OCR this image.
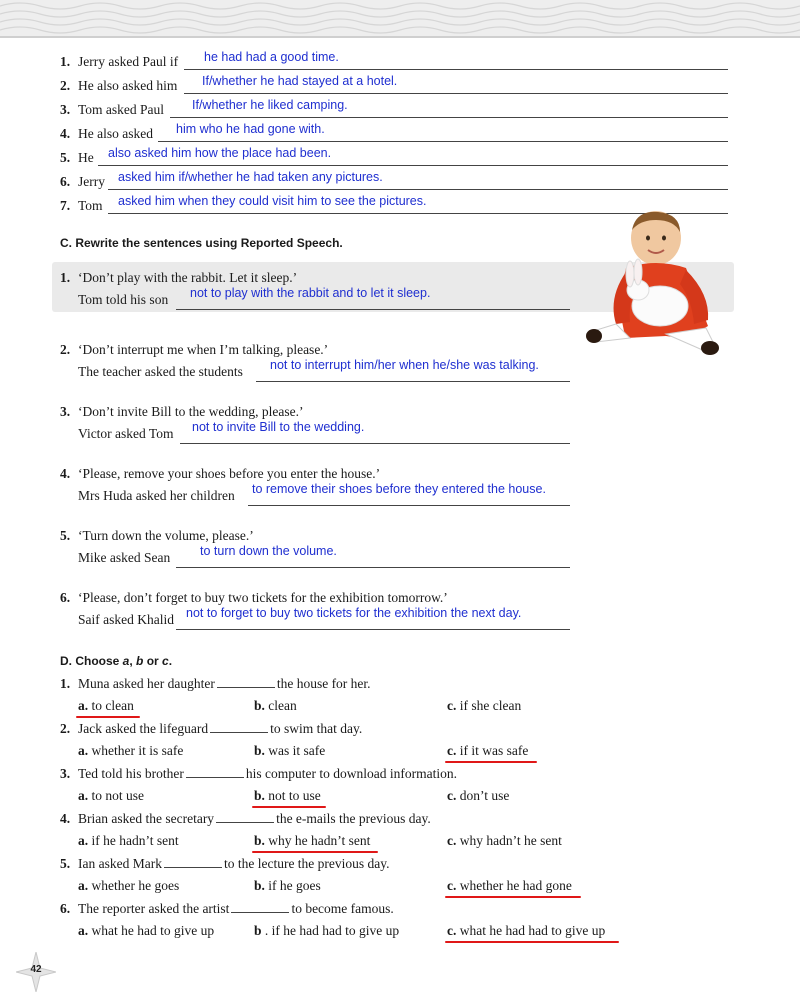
1. Jerry asked Paul if he had had a good time.
2. He also asked him If/whether he had stayed at a hotel.
3. Tom asked Paul If/whether he liked camping.
4. He also asked him who he had gone with.
5. He also asked him how the place had been.
6. Jerry asked him if/whether he had taken any pictures.
7. Tom asked him when they could visit him to see the pictures.
C. Rewrite the sentences using Reported Speech.
1. ‘Don’t play with the rabbit. Let it sleep.’
Tom told his son not to play with the rabbit and to let it sleep.
2. ‘Don’t interrupt me when I’m talking, please.’
The teacher asked the students not to interrupt him/her when he/she was talking.
3. ‘Don’t invite Bill to the wedding, please.’
Victor asked Tom not to invite Bill to the wedding.
4. ‘Please, remove your shoes before you enter the house.’
Mrs Huda asked her children to remove their shoes before they entered the house.
5. ‘Turn down the volume, please.’
Mike asked Sean to turn down the volume.
6. ‘Please, don’t forget to buy two tickets for the exhibition tomorrow.’
Saif asked Khalid not to forget to buy two tickets for the exhibition the next day.
D. Choose a, b or c.
1. Muna asked her daughter	the house for her.
a. to clean	b. clean	c. if she clean
2. Jack asked the lifeguard	to swim that day.
a. whether it is safe	b. was it safe	c. if it was safe
3. Ted told his brother	his computer to download information.
a. to not use	b. not to use	c. don’t use
4. Brian asked the secretary	the e-mails the previous day.
a. if he hadn’t sent	b. why he hadn’t sent	c. why hadn’t he sent
5. Ian asked Mark	to the lecture the previous day.
a. whether he goes	b. if he goes	c. whether he had gone
6. The reporter asked the artist	to become famous.
a. what he had to give up	b . if he had had to give up	c. what he had had to give up
42
